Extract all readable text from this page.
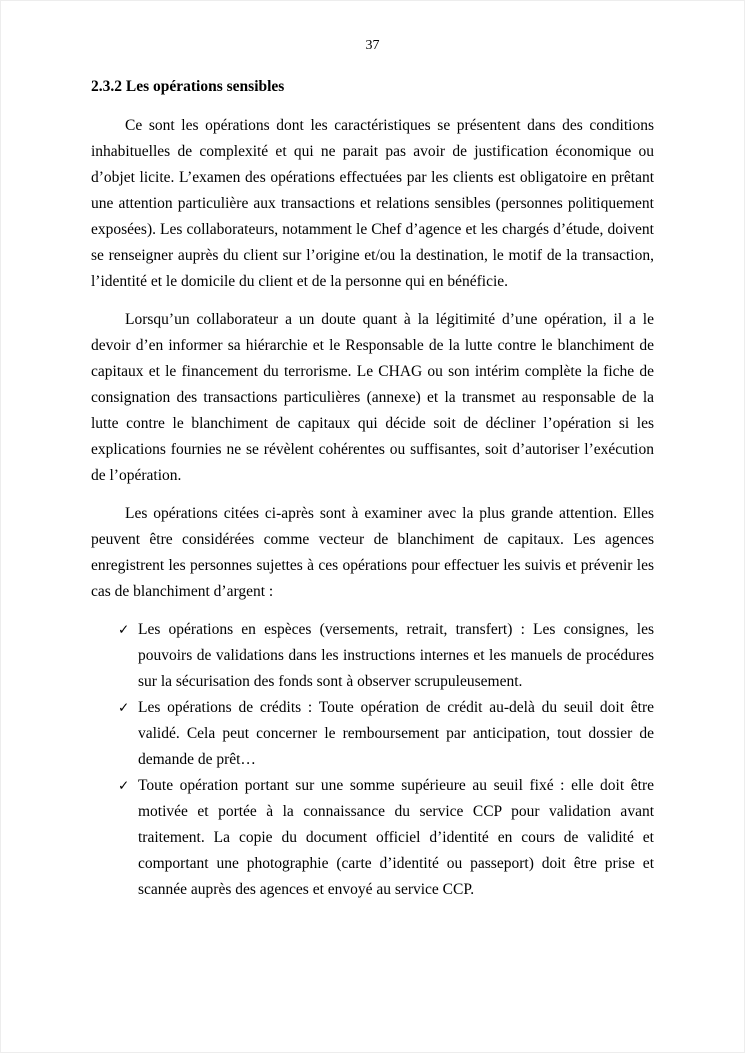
37
2.3.2 Les opérations sensibles

Ce sont les opérations dont les caractéristiques se présentent dans des conditions inhabituelles de complexité et qui ne parait pas avoir de justification économique ou d’objet licite. L’examen des opérations effectuées par les clients est obligatoire en prêtant une attention particulière aux transactions et relations sensibles (personnes politiquement exposées). Les collaborateurs, notamment le Chef d’agence et les chargés d’étude, doivent se renseigner auprès du client sur l’origine et/ou la destination, le motif de la transaction, l’identité et le domicile du client et de la personne qui en bénéficie.

Lorsqu’un collaborateur a un doute quant à la légitimité d’une opération, il a le devoir d’en informer sa hiérarchie et le Responsable de la lutte contre le blanchiment de capitaux et le financement du terrorisme. Le CHAG ou son intérim complète la fiche de consignation des transactions particulières (annexe) et la transmet au responsable de la lutte contre le blanchiment de capitaux qui décide soit de décliner l’opération si les explications fournies ne se révèlent cohérentes ou suffisantes, soit d’autoriser l’exécution de l’opération.

Les opérations citées ci-après sont à examiner avec la plus grande attention. Elles peuvent être considérées comme vecteur de blanchiment de capitaux. Les agences enregistrent les personnes sujettes à ces opérations pour effectuer les suivis et prévenir les cas de blanchiment d’argent :

✓ Les opérations en espèces (versements, retrait, transfert) : Les consignes, les pouvoirs de validations dans les instructions internes et les manuels de procédures sur la sécurisation des fonds sont à observer scrupuleusement.
✓ Les opérations de crédits : Toute opération de crédit au-delà du seuil doit être validé. Cela peut concerner le remboursement par anticipation, tout dossier de demande de prêt…
✓ Toute opération portant sur une somme supérieure au seuil fixé : elle doit être motivée et portée à la connaissance du service CCP pour validation avant traitement. La copie du document officiel d’identité en cours de validité et comportant une photographie (carte d’identité ou passeport) doit être prise et scannée auprès des agences et envoyé au service CCP.
